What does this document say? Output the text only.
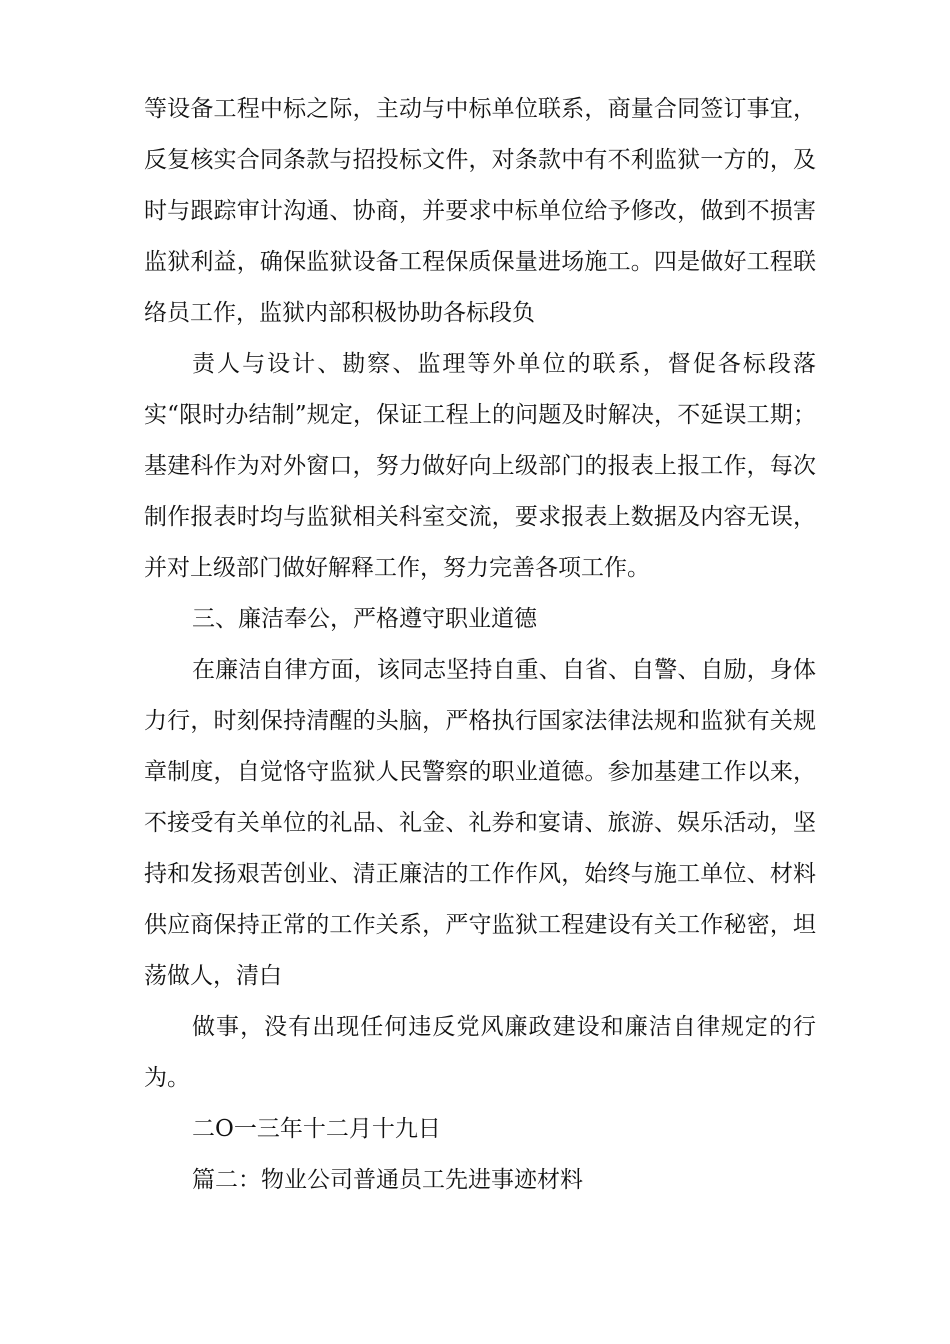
等设备工程中标之际，主动与中标单位联系，商量合同签订事宜，反复核实合同条款与招投标文件，对条款中有不利监狱一方的，及时与跟踪审计沟通、协商，并要求中标单位给予修改，做到不损害监狱利益，确保监狱设备工程保质保量进场施工。四是做好工程联络员工作，监狱内部积极协助各标段负

责人与设计、勘察、监理等外单位的联系，督促各标段落实“限时办结制”规定，保证工程上的问题及时解决，不延误工期；基建科作为对外窗口，努力做好向上级部门的报表上报工作，每次制作报表时均与监狱相关科室交流，要求报表上数据及内容无误，并对上级部门做好解释工作，努力完善各项工作。

三、廉洁奉公，严格遵守职业道德

在廉洁自律方面，该同志坚持自重、自省、自警、自励，身体力行，时刻保持清醒的头脑，严格执行国家法律法规和监狱有关规章制度，自觉恪守监狱人民警察的职业道德。参加基建工作以来，不接受有关单位的礼品、礼金、礼券和宴请、旅游、娱乐活动，坚持和发扬艰苦创业、清正廉洁的工作作风，始终与施工单位、材料供应商保持正常的工作关系，严守监狱工程建设有关工作秘密，坦荡做人，清白

做事，没有出现任何违反党风廉政建设和廉洁自律规定的行为。

二O一三年十二月十九日

篇二：物业公司普通员工先进事迹材料
